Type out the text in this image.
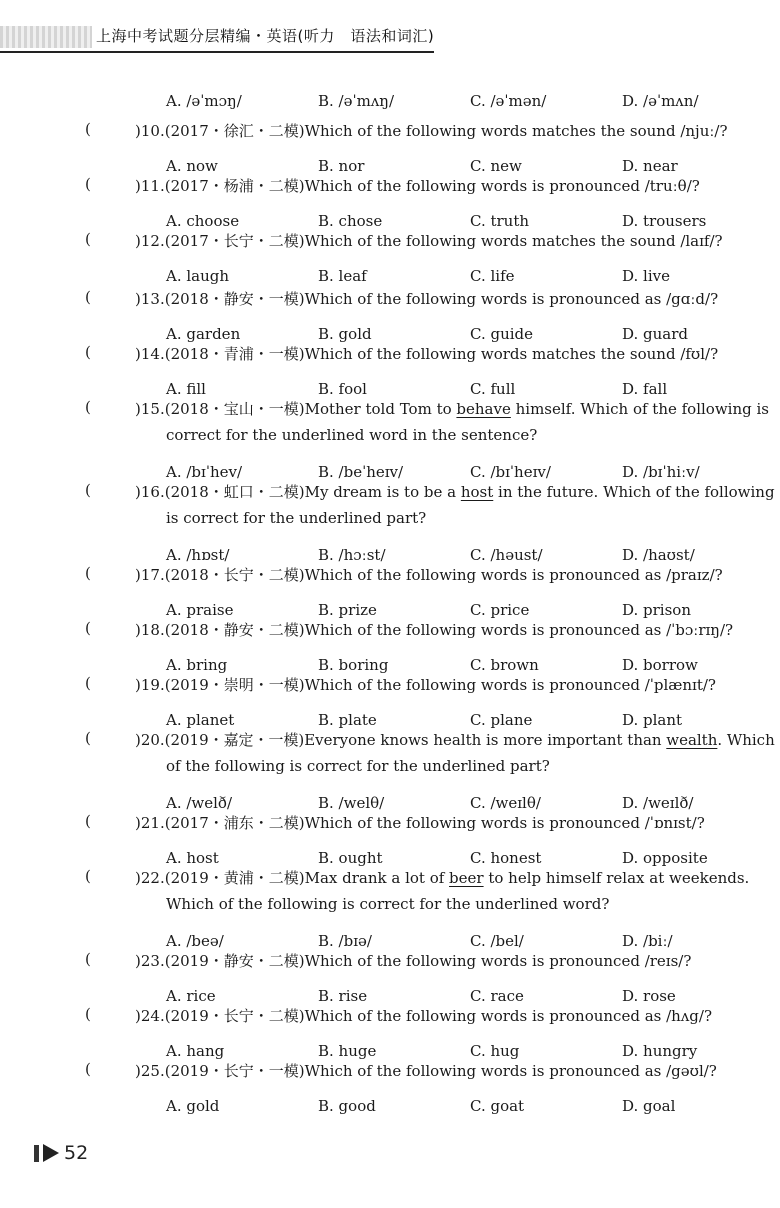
上海中考试题分层精编・英语(听力　语法和词汇)
A. /əˈmɔŋ/	B. /əˈmʌŋ/	C. /əˈmən/	D. /əˈmʌn/
(	)10.(2017・徐汇・二模)Which of the following words matches the sound /njuː/?
A. now	B. nor	C. new	D. near
(	)11.(2017・杨浦・二模)Which of the following words is pronounced /truːθ/?
A. choose	B. chose	C. truth	D. trousers
(	)12.(2017・长宁・二模)Which of the following words matches the sound /laɪf/?
A. laugh	B. leaf	C. life	D. live
(	)13.(2018・静安・一模)Which of the following words is pronounced as /gɑːd/?
A. garden	B. gold	C. guide	D. guard
(	)14.(2018・青浦・一模)Which of the following words matches the sound /fʊl/?
A. fill	B. fool	C. full	D. fall
(	)15.(2018・宝山・一模)Mother told Tom to behave himself. Which of the following is
correct for the underlined word in the sentence?
A. /bɪˈhev/	B. /beˈheɪv/	C. /bɪˈheɪv/	D. /bɪˈhiːv/
(	)16.(2018・虹口・二模)My dream is to be a host in the future. Which of the following
is correct for the underlined part?
A. /hɒst/	B. /hɔːst/	C. /həust/	D. /haʊst/
(	)17.(2018・长宁・二模)Which of the following words is pronounced as /praɪz/?
A. praise	B. prize	C. price	D. prison
(	)18.(2018・静安・二模)Which of the following words is pronounced as /ˈbɔːrɪŋ/?
A. bring	B. boring	C. brown	D. borrow
(	)19.(2019・崇明・一模)Which of the following words is pronounced /ˈplænɪt/?
A. planet	B. plate	C. plane	D. plant
(	)20.(2019・嘉定・一模)Everyone knows health is more important than wealth. Which
of the following is correct for the underlined part?
A. /welð/	B. /welθ/	C. /weɪlθ/	D. /weɪlð/
(	)21.(2017・浦东・二模)Which of the following words is pronounced /ˈɒnɪst/?
A. host	B. ought	C. honest	D. opposite
(	)22.(2019・黄浦・二模)Max drank a lot of beer to help himself relax at weekends.
Which of the following is correct for the underlined word?
A. /beə/	B. /bɪə/	C. /bel/	D. /biː/
(	)23.(2019・静安・二模)Which of the following words is pronounced /reɪs/?
A. rice	B. rise	C. race	D. rose
(	)24.(2019・长宁・二模)Which of the following words is pronounced as /hʌg/?
A. hang	B. huge	C. hug	D. hungry
(	)25.(2019・长宁・一模)Which of the following words is pronounced as /gəʊl/?
A. gold	B. good	C. goat	D. goal
52
